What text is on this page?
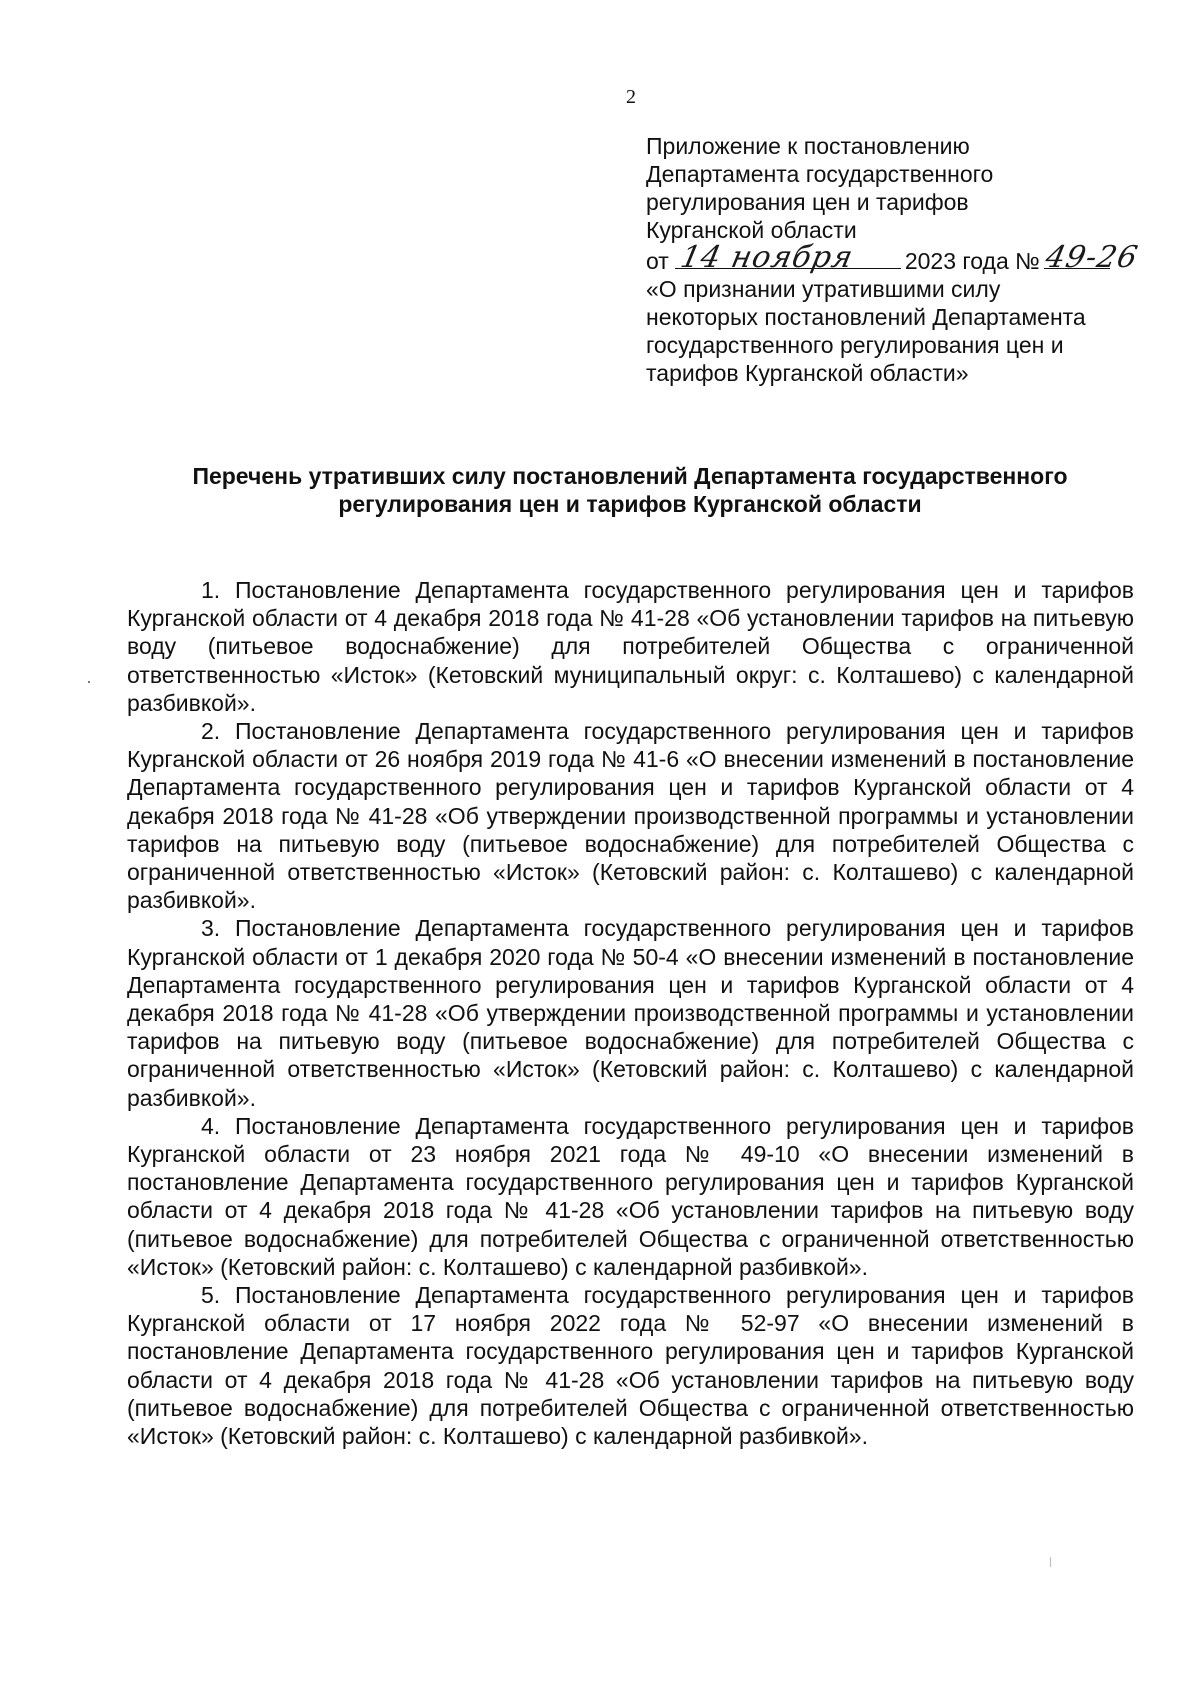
2
Приложение к постановлению
Департамента государственного
регулирования цен и тарифов
Курганской области
от 14 ноября 2023 года № 49-26
«О признании утратившими силу
некоторых постановлений Департамента
государственного регулирования цен и
тарифов Курганской области»
Перечень утративших силу постановлений Департамента государственного
регулирования цен и тарифов Курганской области

1. Постановление Департамента государственного регулирования цен и тарифов Курганской области от 4 декабря 2018 года № 41-28 «Об установлении тарифов на питьевую воду (питьевое водоснабжение) для потребителей Общества с ограниченной ответственностью «Исток» (Кетовский муниципальный округ: с. Колташево) с календарной разбивкой».

2. Постановление Департамента государственного регулирования цен и тарифов Курганской области от 26 ноября 2019 года № 41-6 «О внесении изменений в постановление Департамента государственного регулирования цен и тарифов Курганской области от 4 декабря 2018 года № 41-28 «Об утверждении производственной программы и установлении тарифов на питьевую воду (питьевое водоснабжение) для потребителей Общества с ограниченной ответственностью «Исток» (Кетовский район: с. Колташево) с календарной разбивкой».

3. Постановление Департамента государственного регулирования цен и тарифов Курганской области от 1 декабря 2020 года № 50-4 «О внесении изменений в постановление Департамента государственного регулирования цен и тарифов Курганской области от 4 декабря 2018 года № 41-28 «Об утверждении производственной программы и установлении тарифов на питьевую воду (питьевое водоснабжение) для потребителей Общества с ограниченной ответственностью «Исток» (Кетовский район: с. Колташево) с календарной разбивкой».

4. Постановление Департамента государственного регулирования цен и тарифов Курганской области от 23 ноября 2021 года № 49-10 «О внесении изменений в постановление Департамента государственного регулирования цен и тарифов Курганской области от 4 декабря 2018 года № 41-28 «Об установлении тарифов на питьевую воду (питьевое водоснабжение) для потребителей Общества с ограниченной ответственностью «Исток» (Кетовский район: с. Колташево) с календарной разбивкой».

5. Постановление Департамента государственного регулирования цен и тарифов Курганской области от 17 ноября 2022 года № 52-97 «О внесении изменений в постановление Департамента государственного регулирования цен и тарифов Курганской области от 4 декабря 2018 года № 41-28 «Об установлении тарифов на питьевую воду (питьевое водоснабжение) для потребителей Общества с ограниченной ответственностью «Исток» (Кетовский район: с. Колташево) с календарной разбивкой».
